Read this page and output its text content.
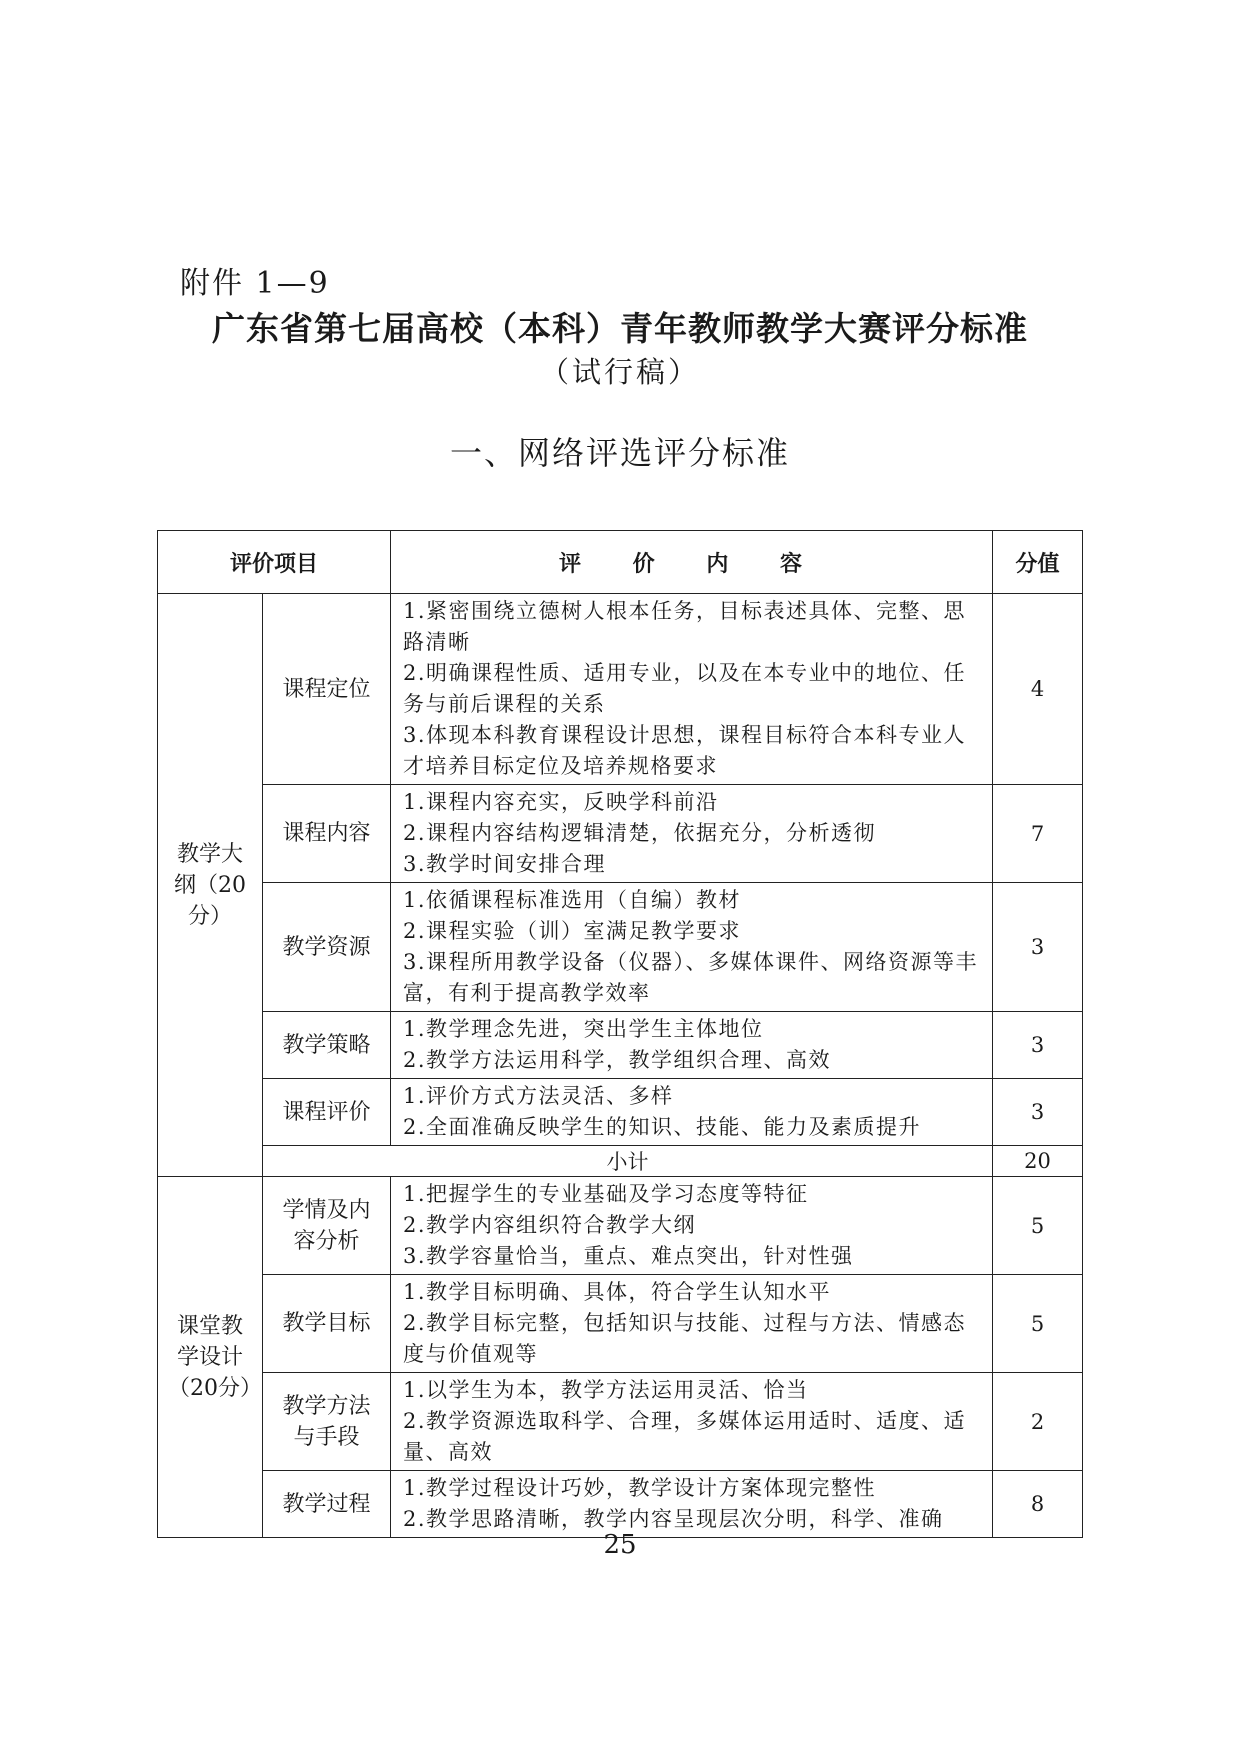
附件 1—9
广东省第七届高校（本科）青年教师教学大赛评分标准
（试行稿）
一、网络评选评分标准
评价项目		评 价 内 容	分值
教学大纲（20分）	课程定位	1.紧密围绕立德树人根本任务，目标表述具体、完整、思路清晰
2.明确课程性质、适用专业，以及在本专业中的地位、任务与前后课程的关系
3.体现本科教育课程设计思想，课程目标符合本科专业人才培养目标定位及培养规格要求	4
	课程内容	1.课程内容充实，反映学科前沿
2.课程内容结构逻辑清楚，依据充分，分析透彻
3.教学时间安排合理	7
	教学资源	1.依循课程标准选用（自编）教材
2.课程实验（训）室满足教学要求
3.课程所用教学设备（仪器）、多媒体课件、网络资源等丰富，有利于提高教学效率	3
	教学策略	1.教学理念先进，突出学生主体地位
2.教学方法运用科学，教学组织合理、高效	3
	课程评价	1.评价方式方法灵活、多样
2.全面准确反映学生的知识、技能、能力及素质提升	3
	小计		20
课堂教学设计（20分）	学情及内容分析	1.把握学生的专业基础及学习态度等特征
2.教学内容组织符合教学大纲
3.教学容量恰当，重点、难点突出，针对性强	5
	教学目标	1.教学目标明确、具体，符合学生认知水平
2.教学目标完整，包括知识与技能、过程与方法、情感态度与价值观等	5
	教学方法与手段	1.以学生为本，教学方法运用灵活、恰当
2.教学资源选取科学、合理，多媒体运用适时、适度、适量、高效	2
	教学过程	1.教学过程设计巧妙，教学设计方案体现完整性
2.教学思路清晰，教学内容呈现层次分明，科学、准确	8
25
